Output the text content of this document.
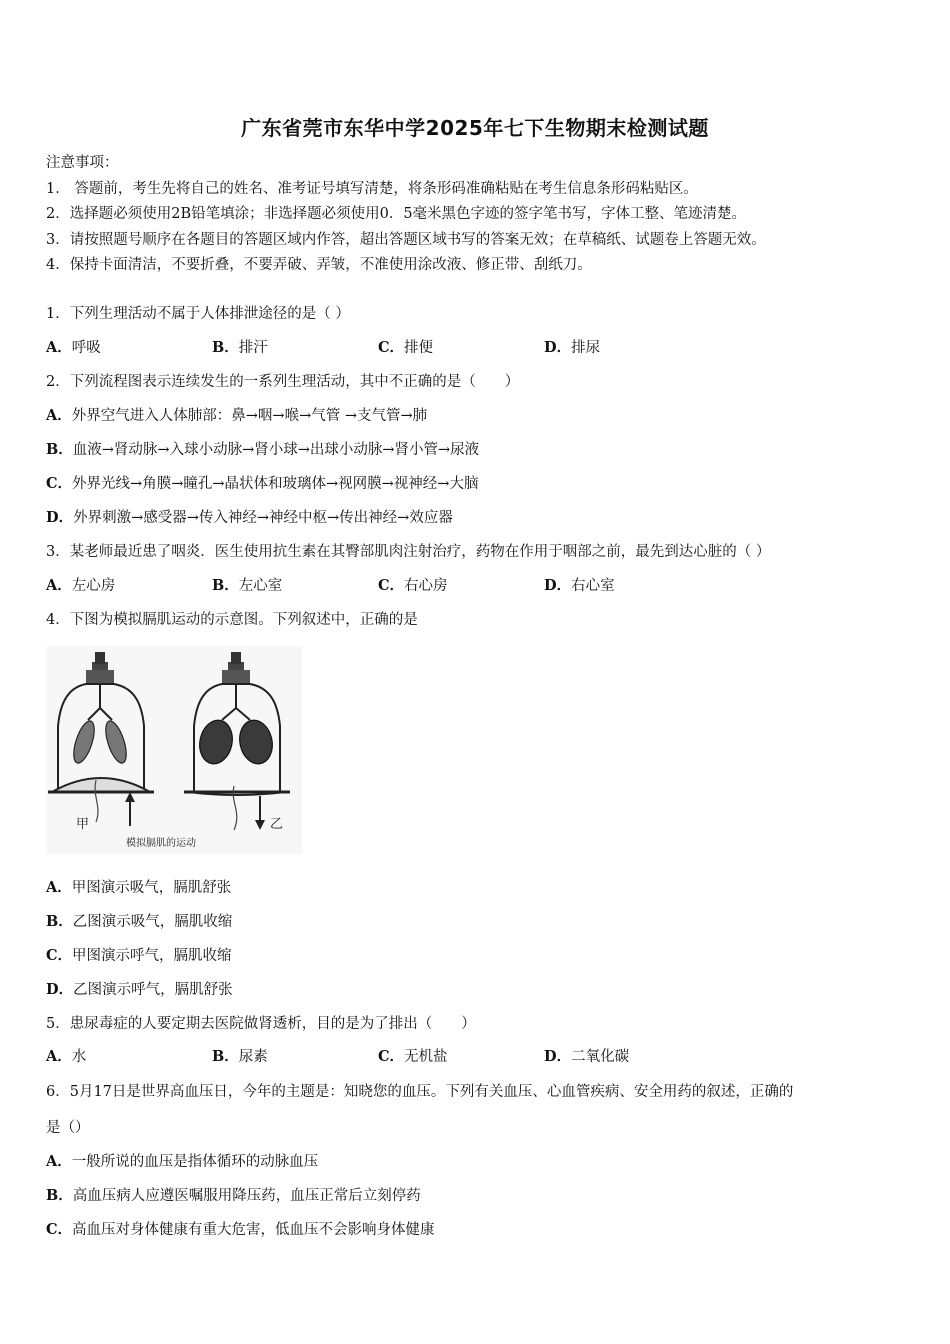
广东省莞市东华中学2025年七下生物期末检测试题
注意事项：
1． 答题前，考生先将自己的姓名、准考证号填写清楚，将条形码准确粘贴在考生信息条形码粘贴区。
2．选择题必须使用2B铅笔填涂；非选择题必须使用0．5毫米黑色字迹的签字笔书写，字体工整、笔迹清楚。
3．请按照题号顺序在各题目的答题区域内作答，超出答题区域书写的答案无效；在草稿纸、试题卷上答题无效。
4．保持卡面清洁，不要折叠，不要弄破、弄皱，不准使用涂改液、修正带、刮纸刀。
1．下列生理活动不属于人体排泄途径的是（ ）
A．呼吸	B．排汗	C．排便	D．排尿
2．下列流程图表示连续发生的一系列生理活动，其中不正确的是（　　）
A．外界空气进入人体肺部：鼻→咽→喉→气管 →支气管→肺
B．血液→肾动脉→入球小动脉→肾小球→出球小动脉→肾小管→尿液
C．外界光线→角膜→瞳孔→晶状体和玻璃体→视网膜→视神经→大脑
D．外界刺激→感受器→传入神经→神经中枢→传出神经→效应器
3．某老师最近患了咽炎．医生使用抗生素在其臀部肌肉注射治疗，药物在作用于咽部之前，最先到达心脏的（ ）
A．左心房	B．左心室	C．右心房	D．右心室
4．下图为模拟膈肌运动的示意图。下列叙述中，正确的是
甲	乙
模拟膈肌的运动
A．甲图演示吸气，膈肌舒张
B．乙图演示吸气，膈肌收缩
C．甲图演示呼气，膈肌收缩
D．乙图演示呼气，膈肌舒张
5．患尿毒症的人要定期去医院做肾透析，目的是为了排出（　　）
A．水	B．尿素	C．无机盐	D．二氧化碳
6．5月17日是世界高血压日，今年的主题是：知晓您的血压。下列有关血压、心血管疾病、安全用药的叙述，正确的
是（）
A．一般所说的血压是指体循环的动脉血压
B．高血压病人应遵医嘱服用降压药，血压正常后立刻停药
C．高血压对身体健康有重大危害，低血压不会影响身体健康
